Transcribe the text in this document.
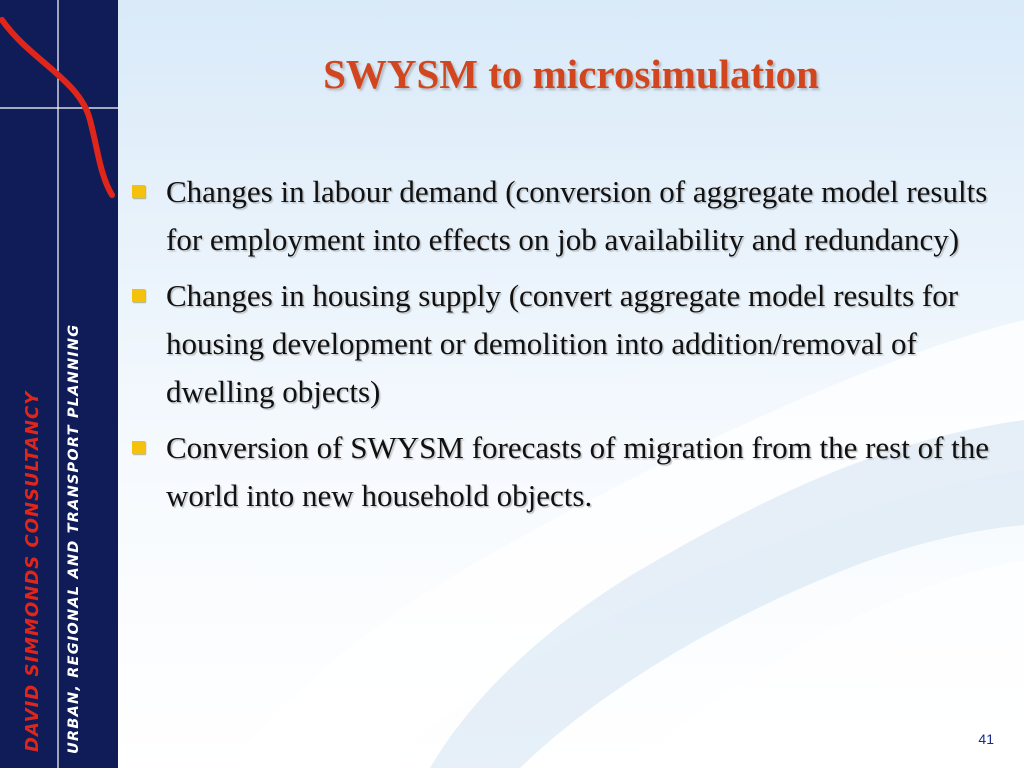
DAVID SIMMONDS CONSULTANCY URBAN, REGIONAL AND TRANSPORT PLANNING
SWYSM to microsimulation
Changes in labour demand (conversion of aggregate model results for employment into effects on job availability and redundancy)
Changes in housing supply (convert aggregate model results for housing development or demolition into addition/removal of dwelling objects)
Conversion of SWYSM forecasts of migration from the rest of the world into new household objects.
41
